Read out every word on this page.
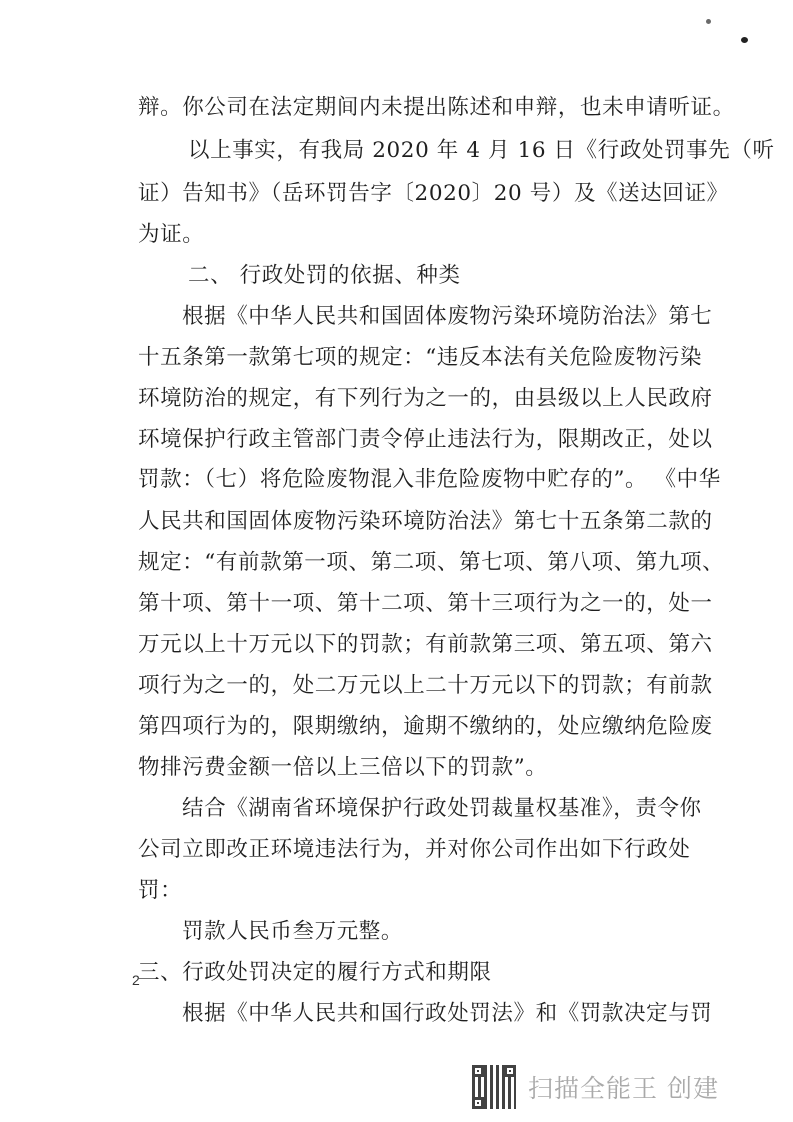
辩。你公司在法定期间内未提出陈述和申辩，也未申请听证。
以上事实，有我局 2020 年 4 月 16 日《行政处罚事先（听
证）告知书》（岳环罚告字〔2020〕20 号）及《送达回证》
为证。
二、 行政处罚的依据、种类
根据《中华人民共和国固体废物污染环境防治法》第七
十五条第一款第七项的规定：“违反本法有关危险废物污染
环境防治的规定，有下列行为之一的，由县级以上人民政府
环境保护行政主管部门责令停止违法行为，限期改正，处以
罚款：（七）将危险废物混入非危险废物中贮存的”。 《中华
人民共和国固体废物污染环境防治法》第七十五条第二款的
规定：“有前款第一项、第二项、第七项、第八项、第九项、
第十项、第十一项、第十二项、第十三项行为之一的，处一
万元以上十万元以下的罚款；有前款第三项、第五项、第六
项行为之一的，处二万元以上二十万元以下的罚款；有前款
第四项行为的，限期缴纳，逾期不缴纳的，处应缴纳危险废
物排污费金额一倍以上三倍以下的罚款”。
结合《湖南省环境保护行政处罚裁量权基准》，责令你
公司立即改正环境违法行为，并对你公司作出如下行政处
罚：
罚款人民币叁万元整。
三、行政处罚决定的履行方式和期限
根据《中华人民共和国行政处罚法》和《罚款决定与罚
2
扫描全能王 创建
